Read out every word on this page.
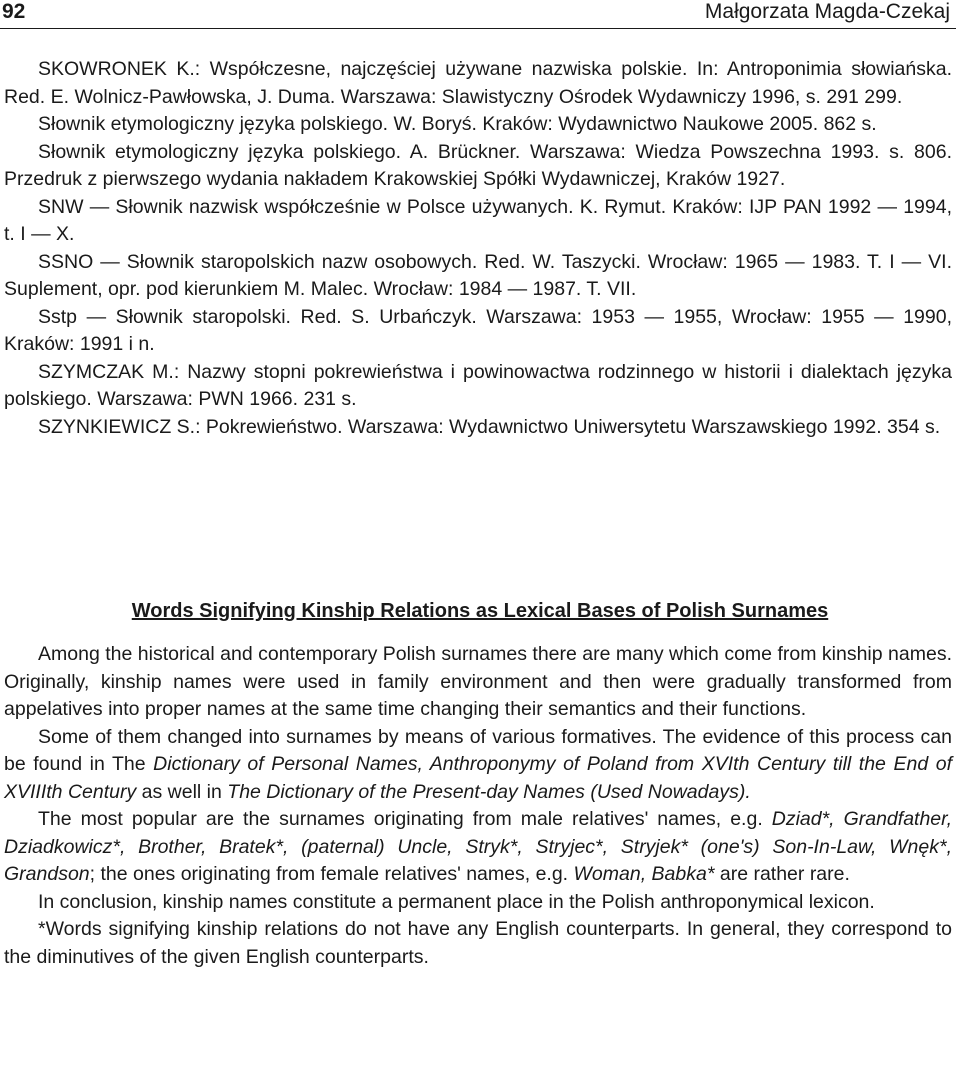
92	Małgorzata Magda-Czekaj

SKOWRONEK K.: Współczesne, najczęściej używane nazwiska polskie. In: Antroponimia słowiańska. Red. E. Wolnicz-Pawłowska, J. Duma. Warszawa: Slawistyczny Ośrodek Wydawniczy 1996, s. 291 299.

Słownik etymologiczny języka polskiego. W. Boryś. Kraków: Wydawnictwo Naukowe 2005. 862 s.

Słownik etymologiczny języka polskiego. A. Brückner. Warszawa: Wiedza Powszechna 1993. s. 806. Przedruk z pierwszego wydania nakładem Krakowskiej Spółki Wydawniczej, Kraków 1927.

SNW — Słownik nazwisk współcześnie w Polsce używanych. K. Rymut. Kraków: IJP PAN 1992 — 1994, t. I — X.

SSNO — Słownik staropolskich nazw osobowych. Red. W. Taszycki. Wrocław: 1965 — 1983. T. I — VI. Suplement, opr. pod kierunkiem M. Malec. Wrocław: 1984 — 1987. T. VII.

Sstp — Słownik staropolski. Red. S. Urbańczyk. Warszawa: 1953 — 1955, Wrocław: 1955 — 1990, Kraków: 1991 i n.

SZYMCZAK M.: Nazwy stopni pokrewieństwa i powinowactwa rodzinnego w historii i dialektach języka polskiego. Warszawa: PWN 1966. 231 s.

SZYNKIEWICZ S.: Pokrewieństwo. Warszawa: Wydawnictwo Uniwersytetu Warszawskiego 1992. 354 s.

Words Signifying Kinship Relations as Lexical Bases of Polish Surnames

Among the historical and contemporary Polish surnames there are many which come from kinship names. Originally, kinship names were used in family environment and then were gradually transformed from appelatives into proper names at the same time changing their semantics and their functions.

Some of them changed into surnames by means of various formatives. The evidence of this process can be found in The Dictionary of Personal Names, Anthroponymy of Poland from XVIth Century till the End of XVIIIth Century as well in The Dictionary of the Present-day Names (Used Nowadays).

The most popular are the surnames originating from male relatives' names, e.g. Dziad*, Grandfather, Dziadkowicz*, Brother, Bratek*, (paternal) Uncle, Stryk*, Stryjec*, Stryjek* (one's) Son-In-Law, Wnęk*, Grandson; the ones originating from female relatives' names, e.g. Woman, Babka* are rather rare.

In conclusion, kinship names constitute a permanent place in the Polish anthroponymical lexicon.

*Words signifying kinship relations do not have any English counterparts. In general, they correspond to the diminutives of the given English counterparts.
